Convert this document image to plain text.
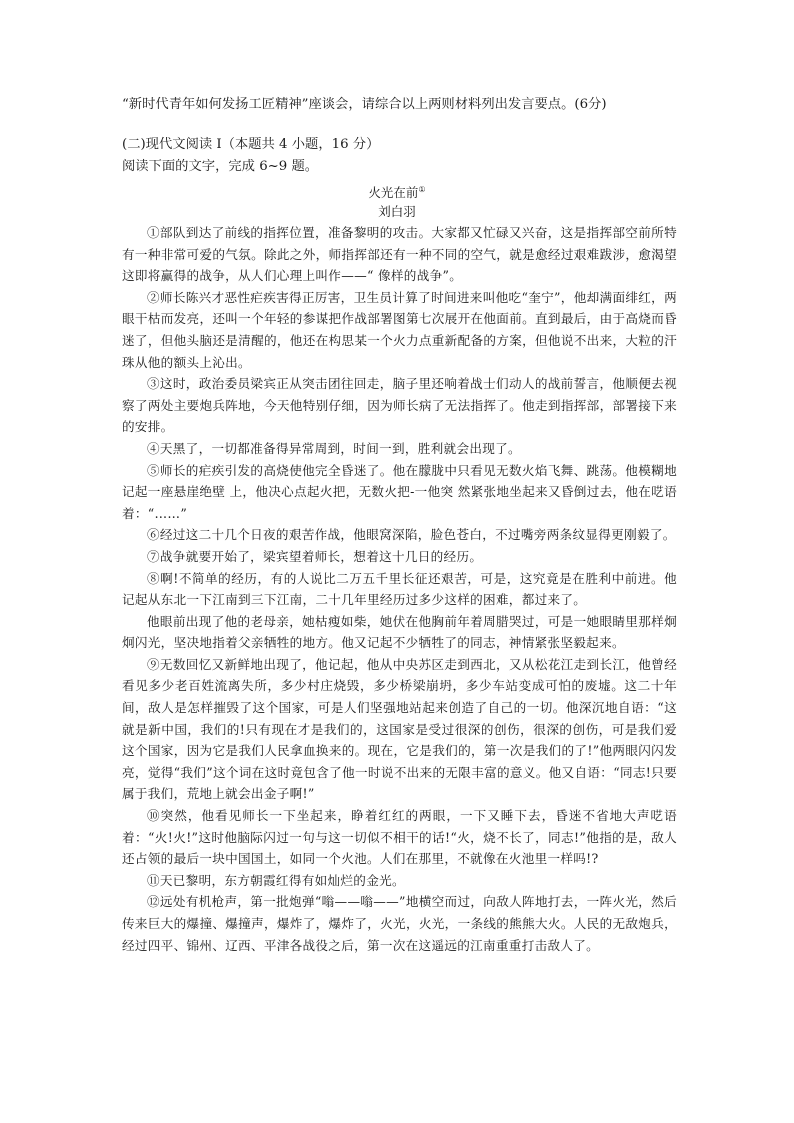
“新时代青年如何发扬工匠精神”座谈会，请综合以上两则材料列出发言要点。(6分)
(二)现代文阅读 I（本题共 4 小题，16 分）
阅读下面的文字，完成 6~9 题。
火光在前①
刘白羽

①部队到达了前线的指挥位置，准备黎明的攻击。大家都又忙碌又兴奋，这是指挥部空前所特有一种非常可爱的气氛。除此之外，师指挥部还有一种不同的空气，就是愈经过艰难跋涉，愈渴望这即将赢得的战争，从人们心理上叫作——“ 像样的战争”。

②师长陈兴才恶性疟疾害得正厉害，卫生员计算了时间进来叫他吃“奎宁”，他却满面绯红，两眼干枯而发亮，还叫一个年轻的参谋把作战部署图第七次展开在他面前。直到最后，由于高烧而昏迷了，但他头脑还是清醒的，他还在构思某一个火力点重新配备的方案，但他说不出来，大粒的汗珠从他的额头上沁出。

③这时，政治委员梁宾正从突击团往回走，脑子里还响着战士们动人的战前誓言，他顺便去视察了两处主要炮兵阵地，今天他特别仔细，因为师长病了无法指挥了。他走到指挥部，部署接下来的安排。

④天黑了，一切都准备得异常周到，时间一到，胜利就会出现了。

⑤师长的疟疾引发的高烧使他完全昏迷了。他在朦胧中只看见无数火焰飞舞、跳荡。他模糊地记起一座悬崖绝壁 上，他决心点起火把，无数火把-一他突 然紧张地坐起来又昏倒过去，他在呓语着：“……”

⑥经过这二十几个日夜的艰苦作战，他眼窝深陷，脸色苍白，不过嘴旁两条纹显得更刚毅了。

⑦战争就要开始了，梁宾望着师长，想着这十几日的经历。

⑧啊!不简单的经历，有的人说比二万五千里长征还艰苦，可是，这究竟是在胜利中前进。他记起从东北一下江南到三下江南，二十几年里经历过多少这样的困难，都过来了。

他眼前出现了他的老母亲，她枯瘦如柴，她伏在他胸前年着周腊哭过，可是一她眼睛里那样炯炯闪光，坚决地指着父亲牺牲的地方。他又记起不少牺牲了的同志，神情紧张坚毅起来。

⑨无数回忆又新鲜地出现了，他记起，他从中央苏区走到西北，又从松花江走到长江，他曾经看见多少老百姓流离失所，多少村庄烧毁，多少桥梁崩坍，多少车站变成可怕的废墟。这二十年间，敌人是怎样摧毁了这个国家，可是人们坚强地站起来创造了自己的一切。他深沉地自语：“这就是新中国，我们的!只有现在才是我们的，这国家是受过很深的创伤，很深的创伤，可是我们爱这个国家，因为它是我们人民拿血换来的。现在，它是我们的，第一次是我们的了!”他两眼闪闪发亮，觉得“我们”这个词在这时竟包含了他一时说不出来的无限丰富的意义。他又自语：“同志!只要属于我们，荒地上就会出金子啊!”

⑩突然，他看见师长一下坐起来，睁着红红的两眼，一下又睡下去，昏迷不省地大声呓语着：“火!火!”这时他脑际闪过一句与这一切似不相干的话!“火，烧不长了，同志!”他指的是，敌人还占领的最后一块中国国土，如同一个火池。人们在那里，不就像在火池里一样吗!?

⑪天已黎明，东方朝霞红得有如灿烂的金光。

⑫远处有机枪声，第一批炮弹“嗡——嗡——”地横空而过，向敌人阵地打去，一阵火光，然后传来巨大的爆撞、爆撞声，爆炸了，爆炸了，火光，火光，一条线的熊熊大火。人民的无敌炮兵，经过四平、锦州、辽西、平津各战役之后，第一次在这遥远的江南重重打击敌人了。
